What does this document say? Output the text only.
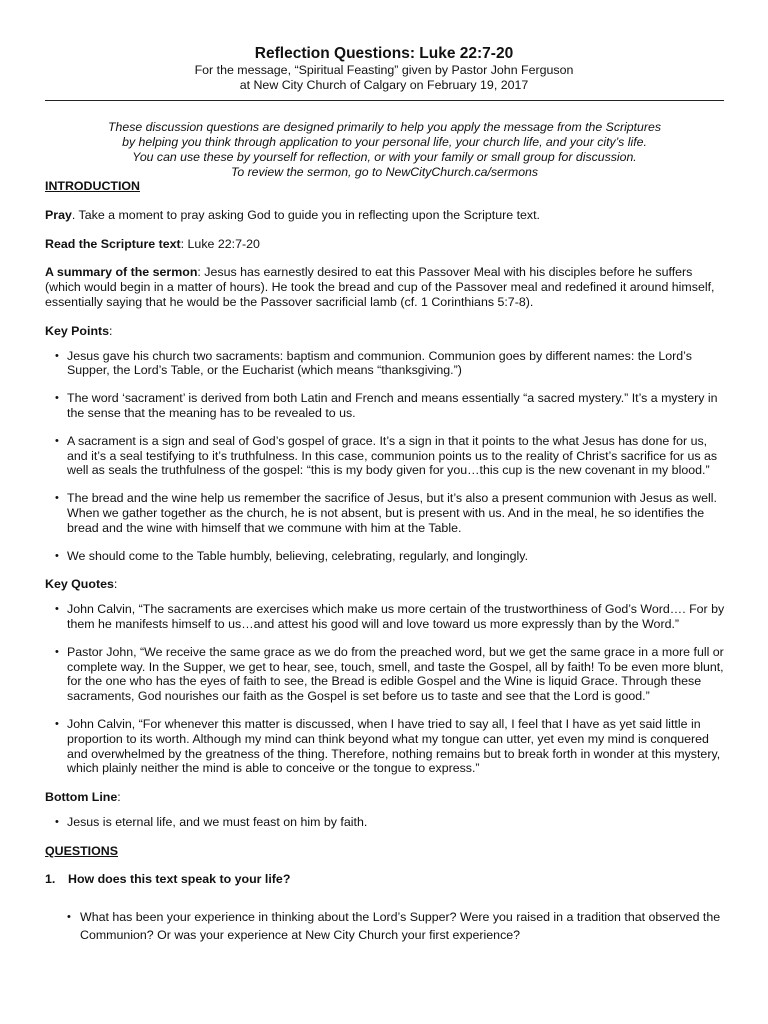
Reflection Questions: Luke 22:7-20
For the message, “Spiritual Feasting” given by Pastor John Ferguson
at New City Church of Calgary on February 19, 2017
These discussion questions are designed primarily to help you apply the message from the Scriptures
by helping you think through application to your personal life, your church life, and your city’s life.
You can use these by yourself for reflection, or with your family or small group for discussion.
To review the sermon, go to NewCityChurch.ca/sermons

INTRODUCTION

Pray. Take a moment to pray asking God to guide you in reflecting upon the Scripture text.

Read the Scripture text: Luke 22:7-20

A summary of the sermon: Jesus has earnestly desired to eat this Passover Meal with his disciples before he suffers (which would begin in a matter of hours). He took the bread and cup of the Passover meal and redefined it around himself, essentially saying that he would be the Passover sacrificial lamb (cf. 1 Corinthians 5:7-8).

Key Points:

• Jesus gave his church two sacraments: baptism and communion. Communion goes by different names: the Lord’s Supper, the Lord’s Table, or the Eucharist (which means “thanksgiving.”)
• The word ‘sacrament’ is derived from both Latin and French and means essentially “a sacred mystery.” It’s a mystery in the sense that the meaning has to be revealed to us.
• A sacrament is a sign and seal of God’s gospel of grace. It’s a sign in that it points to the what Jesus has done for us, and it’s a seal testifying to it’s truthfulness. In this case, communion points us to the reality of Christ’s sacrifice for us as well as seals the truthfulness of the gospel: “this is my body given for you…this cup is the new covenant in my blood.”
• The bread and the wine help us remember the sacrifice of Jesus, but it’s also a present communion with Jesus as well. When we gather together as the church, he is not absent, but is present with us. And in the meal, he so identifies the bread and the wine with himself that we commune with him at the Table.
• We should come to the Table humbly, believing, celebrating, regularly, and longingly.

Key Quotes:

• John Calvin, “The sacraments are exercises which make us more certain of the trustworthiness of God’s Word…. For by them he manifests himself to us…and attest his good will and love toward us more expressly than by the Word.”
• Pastor John, “We receive the same grace as we do from the preached word, but we get the same grace in a more full or complete way. In the Supper, we get to hear, see, touch, smell, and taste the Gospel, all by faith! To be even more blunt, for the one who has the eyes of faith to see, the Bread is edible Gospel and the Wine is liquid Grace. Through these sacraments, God nourishes our faith as the Gospel is set before us to taste and see that the Lord is good.”
• John Calvin, “For whenever this matter is discussed, when I have tried to say all, I feel that I have as yet said little in proportion to its worth. Although my mind can think beyond what my tongue can utter, yet even my mind is conquered and overwhelmed by the greatness of the thing. Therefore, nothing remains but to break forth in wonder at this mystery, which plainly neither the mind is able to conceive or the tongue to express.”

Bottom Line:

• Jesus is eternal life, and we must feast on him by faith.

QUESTIONS

1. How does this text speak to your life?

• What has been your experience in thinking about the Lord’s Supper? Were you raised in a tradition that observed the Communion? Or was your experience at New City Church your first experience?
